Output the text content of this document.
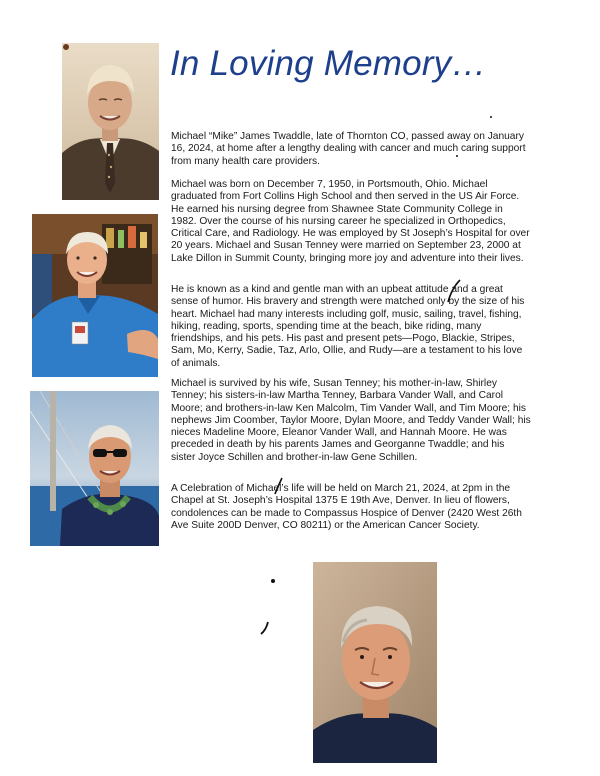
In Loving Memory…

Michael “Mike” James Twaddle, late of Thornton CO, passed away on January 16, 2024, at home after a lengthy dealing with cancer and much caring support from many health care providers.

Michael was born on December 7, 1950, in Portsmouth, Ohio. Michael graduated from Fort Collins High School and then served in the US Air Force. He earned his nursing degree from Shawnee State Community College in 1982. Over the course of his nursing career he specialized in Orthopedics, Critical Care, and Radiology. He was employed by St Joseph’s Hospital for over 20 years. Michael and Susan Tenney were married on September 23, 2000 at Lake Dillon in Summit County, bringing more joy and adventure into their lives.

He is known as a kind and gentle man with an upbeat attitude and a great sense of humor. His bravery and strength were matched only by the size of his heart. Michael had many interests including golf, music, sailing, travel, fishing, hiking, reading, sports, spending time at the beach, bike riding, many friendships, and his pets. His past and present pets—Pogo, Blackie, Stripes, Sam, Mo, Kerry, Sadie, Taz, Arlo, Ollie, and Rudy—are a testament to his love of animals.

Michael is survived by his wife, Susan Tenney; his mother-in-law, Shirley Tenney; his sisters-in-law Martha Tenney, Barbara Vander Wall, and Carol Moore; and brothers-in-law Ken Malcolm, Tim Vander Wall, and Tim Moore; his nephews Jim Coomber, Taylor Moore, Dylan Moore, and Teddy Vander Wall; his nieces Madeline Moore, Eleanor Vander Wall, and Hannah Moore. He was preceded in death by his parents James and Georganne Twaddle; and his sister Joyce Schillen and brother-in-law Gene Schillen.

A Celebration of Michael’s life will be held on March 21, 2024, at 2pm in the Chapel at St. Joseph’s Hospital 1375 E 19th Ave, Denver. In lieu of flowers, condolences can be made to Compassus Hospice of Denver (2420 West 26th Ave Suite 200D Denver, CO 80211) or the American Cancer Society.
